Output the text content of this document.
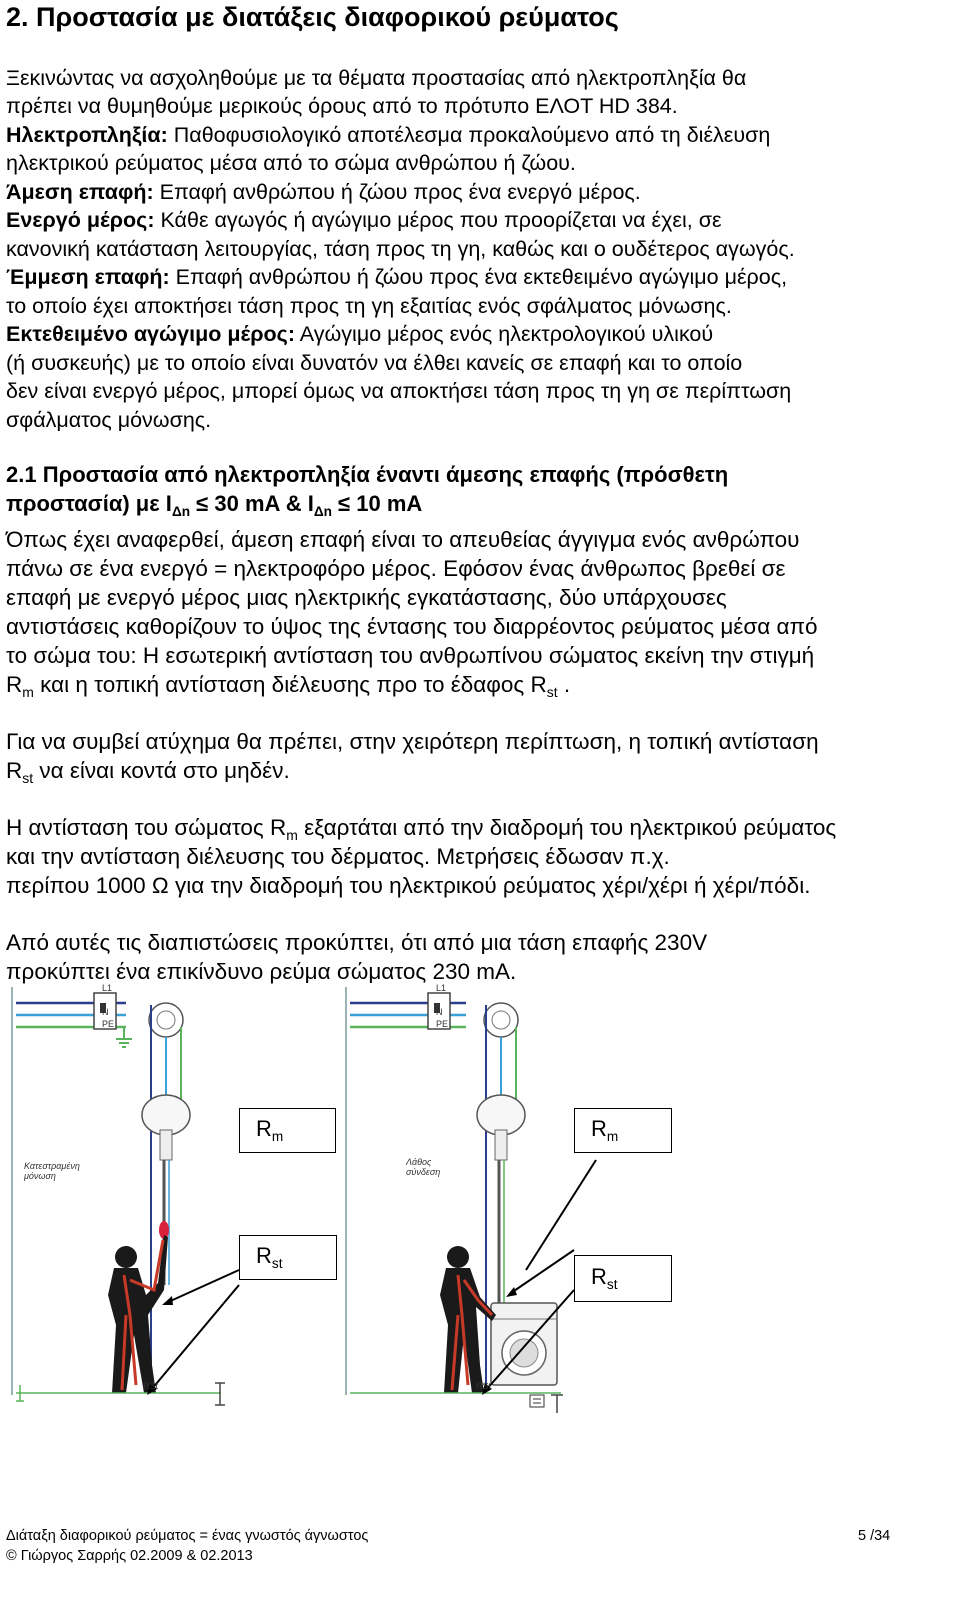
2. Προστασία με διατάξεις διαφορικού ρεύματος
Ξεκινώντας να ασχοληθούμε με τα θέματα προστασίας από ηλεκτροπληξία θα
πρέπει να θυμηθούμε μερικούς όρους από το πρότυπο ΕΛΟΤ HD 384.
Ηλεκτροπληξία: Παθοφυσιολογικό αποτέλεσμα προκαλούμενο από τη διέλευση
ηλεκτρικού ρεύματος μέσα από το σώμα ανθρώπου ή ζώου.
Άμεση επαφή: Επαφή ανθρώπου ή ζώου προς ένα ενεργό μέρος.
Ενεργό μέρος: Κάθε αγωγός ή αγώγιμο μέρος που προορίζεται να έχει, σε
κανονική κατάσταση λειτουργίας, τάση προς τη γη, καθώς και ο ουδέτερος αγωγός.
Έμμεση επαφή: Επαφή ανθρώπου ή ζώου προς ένα εκτεθειμένο αγώγιμο μέρος,
το οποίο έχει αποκτήσει τάση προς τη γη εξαιτίας ενός σφάλματος μόνωσης.
Εκτεθειμένο αγώγιμο μέρος: Αγώγιμο μέρος ενός ηλεκτρολογικού υλικού
(ή συσκευής) με το οποίο είναι δυνατόν να έλθει κανείς σε επαφή και το οποίο
δεν είναι ενεργό μέρος, μπορεί όμως να αποκτήσει τάση προς τη γη σε περίπτωση
σφάλματος μόνωσης.
2.1 Προστασία από ηλεκτροπληξία έναντι άμεσης επαφής (πρόσθετη
προστασία) με $I_{\Delta n} \le 30$ mA & $I_{\Delta n} \le 10$ mA
Όπως έχει αναφερθεί, άμεση επαφή είναι το απευθείας άγγιγμα ενός ανθρώπου
πάνω σε ένα ενεργό = ηλεκτροφόρο μέρος. Εφόσον ένας άνθρωπος βρεθεί σε
επαφή με ενεργό μέρος μιας ηλεκτρικής εγκατάστασης, δύο υπάρχουσες
αντιστάσεις καθορίζουν το ύψος της έντασης του διαρρέοντος ρεύματος μέσα από
το σώμα του: Η εσωτερική αντίσταση του ανθρωπίνου σώματος εκείνη την στιγμή
$R_m$ και η τοπική αντίσταση διέλευσης προ το έδαφος $R_{st}$ .
Για να συμβεί ατύχημα θα πρέπει, στην χειρότερη περίπτωση, η τοπική αντίσταση
$R_{st}$ να είναι κοντά στο μηδέν.
Η αντίσταση του σώματος $R_m$ εξαρτάται από την διαδρομή του ηλεκτρικού ρεύματος
και την αντίσταση διέλευσης του δέρματος. Μετρήσεις έδωσαν π.χ.
περίπου 1000 Ω για την διαδρομή του ηλεκτρικού ρεύματος χέρι/χέρι ή χέρι/πόδι.
Από αυτές τις διαπιστώσεις προκύπτει, ότι από μια τάση επαφής 230V
προκύπτει ένα επικίνδυνο ρεύμα σώματος 230 mA.
L1
N
PE
L1
N
PE
Κατεστραμένη
μόνωση
Λάθος
σύνδεση
RSt	RSt
$R_m$
$R_{st}$
$R_m$
$R_{st}$
Διάταξη διαφορικού ρεύματος = ένας γνωστός άγνωστος	5 /34
© Γιώργος Σαρρής 02.2009 & 02.2013
